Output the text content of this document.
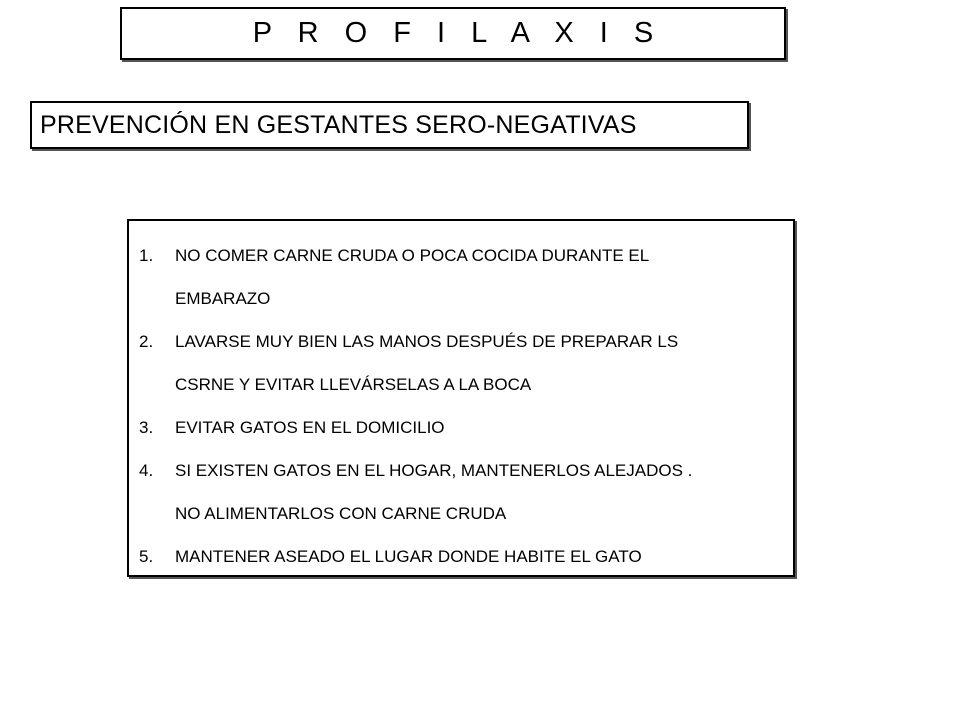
P R O F I L A X I S
PREVENCIÓN EN GESTANTES SERO-NEGATIVAS
1.	NO COMER CARNE CRUDA O POCA COCIDA DURANTE EL
EMBARAZO
2.	LAVARSE MUY BIEN LAS MANOS DESPUÉS DE PREPARAR LS
CSRNE Y EVITAR LLEVÁRSELAS A LA BOCA
3.	EVITAR GATOS EN EL DOMICILIO
4.	SI EXISTEN GATOS EN EL HOGAR, MANTENERLOS ALEJADOS .
NO ALIMENTARLOS CON CARNE CRUDA
5.	MANTENER ASEADO EL LUGAR DONDE HABITE EL GATO
